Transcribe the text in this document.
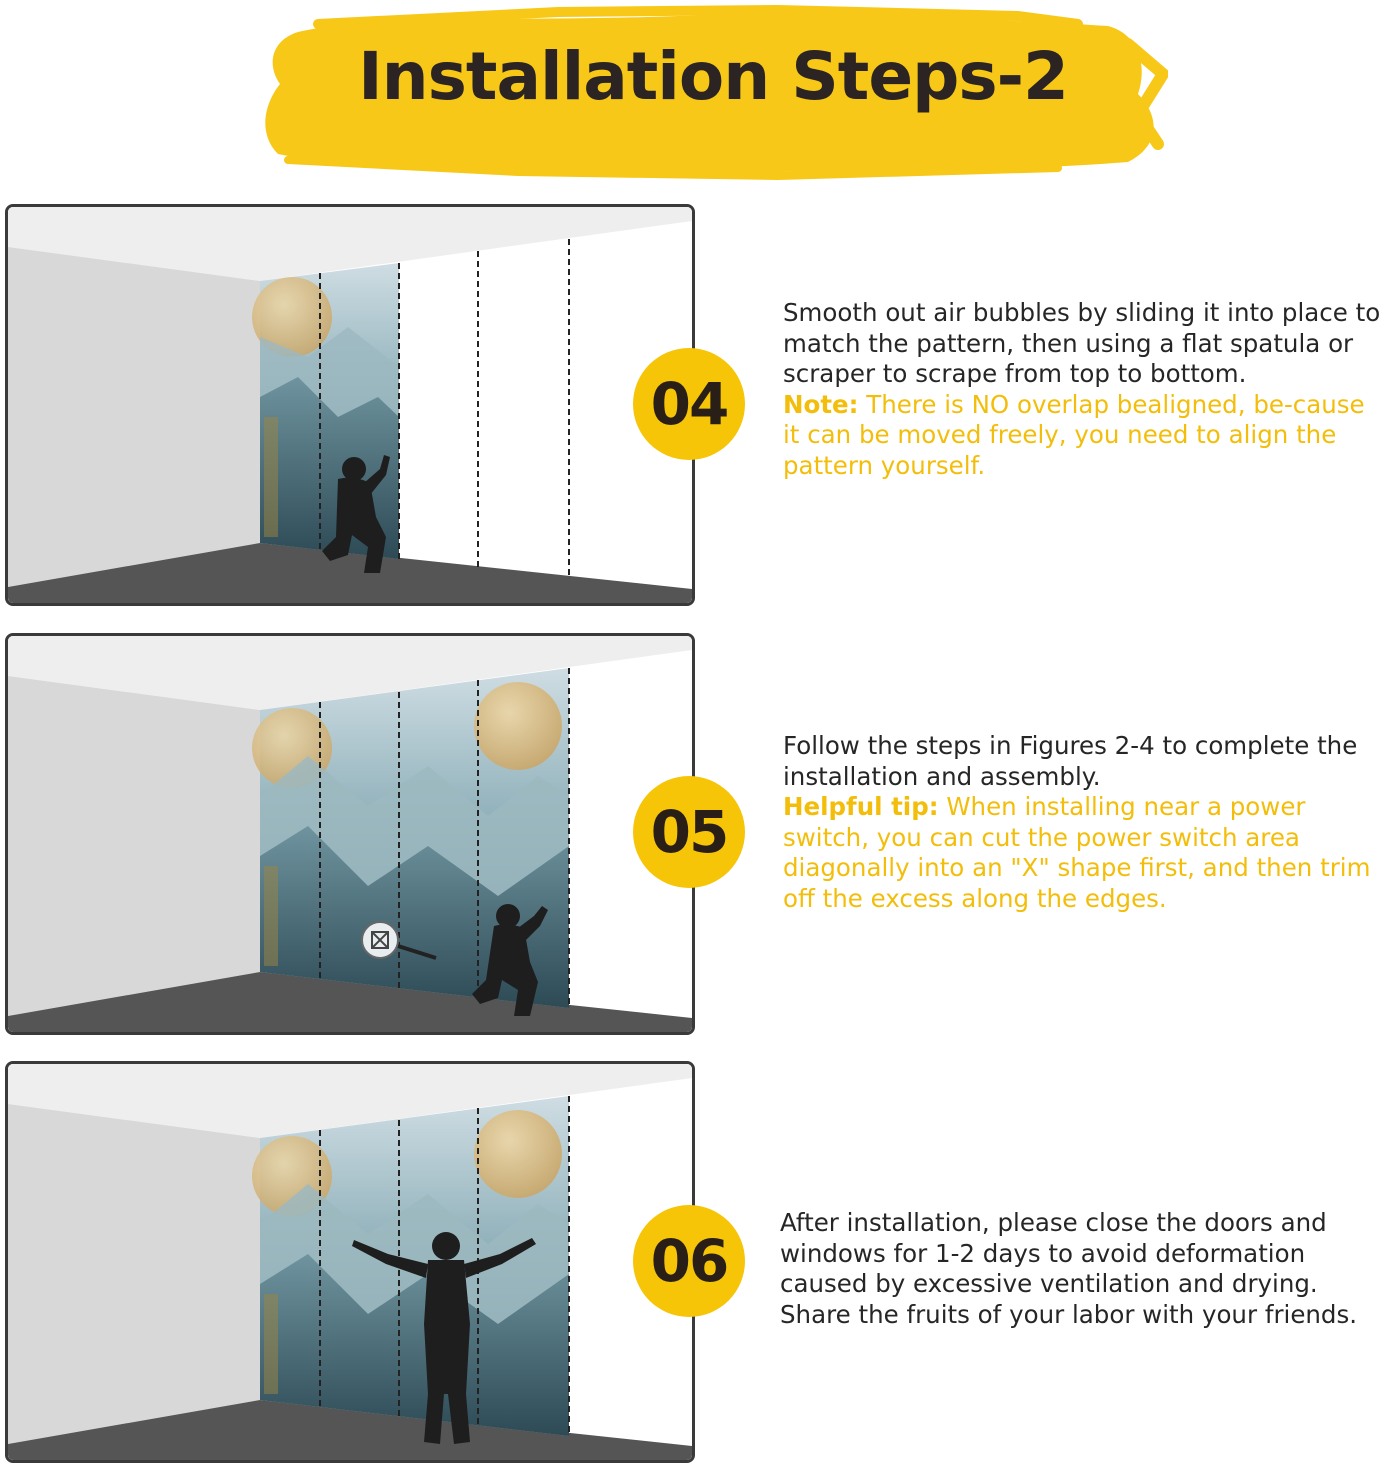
Installation Steps-2
04

Smooth out air bubbles by sliding it into place to match the pattern, then using a flat spatula or scraper to scrape from top to bottom.

Note: There is NO overlap bealigned, be-cause it can be moved freely, you need to align the pattern yourself.

05

Follow the steps in Figures 2-4 to complete the installation and assembly.

Helpful tip: When installing near a power switch, you can cut the power switch area diagonally into an "X" shape first, and then trim off the excess along the edges.

06

After installation, please close the doors and windows for 1-2 days to avoid deformation caused by excessive ventilation and drying.

Share the fruits of your labor with your friends.
